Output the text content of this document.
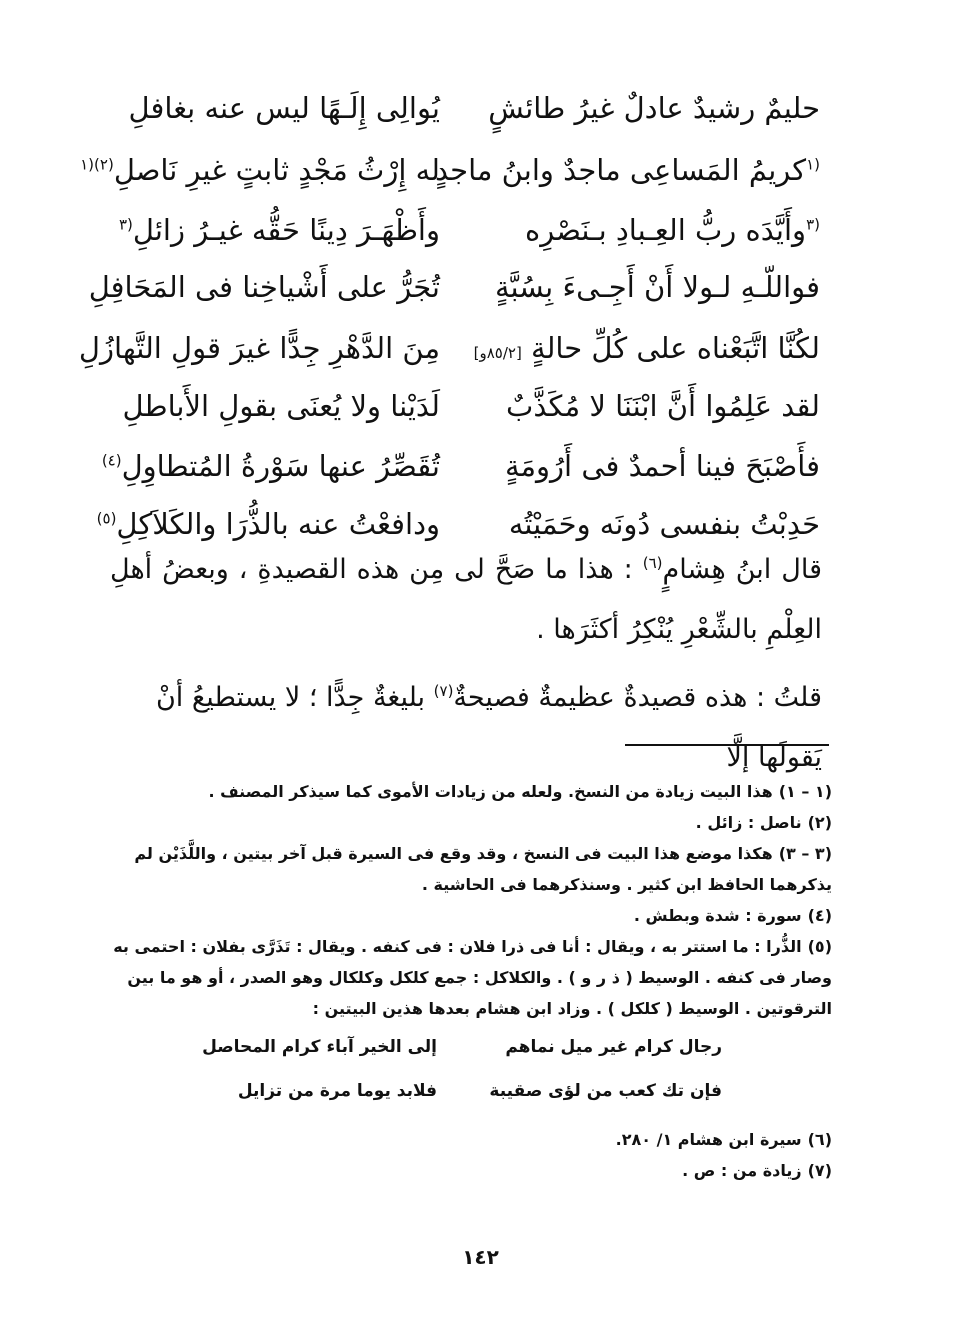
حليمٌ رشيدٌ عادلٌ غيرُ طائشٍ
يُوالِى إِلَـهًا ليس عنه بغافلِ
$^{(١}$كريمُ المَساعِى ماجدٌ وابنُ ماجدٍ
له إِرْثُ مَجْدٍ ثابتٍ غيرِ نَاصلِ$^{(٢)(١}$
$^{(٣}$وأَيَّدَه ربُّ العِـبادِ بـنَصْرِه
وأَظْهَـرَ دِينًا حَقُّه غيـرُ زائلِ$^{(٣}$
فواللّـهِ لـولا أَنْ أَجِـىءَ بِسُبَّةٍ
تُجَرُّ على أَشْياخِنا فى المَحَافِلِ
لكُنَّا اتَّبَعْناه على كُلِّ حالةٍ [٨٥/٢و]
مِنَ الدَّهْرِ جِدًّا غيرَ قولِ التَّهازُلِ
لقد عَلِمُوا أَنَّ ابْنَنَا لا مُكَذَّبٌ
لَدَيْنا ولا يُعنَى بقولِ الأَباطلِ
فأَصْبَحَ فينا أحمدٌ فى أَرُومَةٍ
تُقَصِّرُ عنها سَوْرةُ المُتطاوِلِ$^{(٤)}$
حَدِبْتُ بنفسى دُونَه وحَمَيْتُه
ودافعْتُ عنه بالذُّرَا والكَلاَكِلِ$^{(٥)}$

قال ابنُ هِشامٍ$^{(٦)}$ : هذا ما صَحَّ لى مِن هذه القصيدةِ ، وبعضُ أهلِ العِلْمِ بالشِّعْرِ يُنْكِرُ أكثَرَها .

قلتُ : هذه قصيدةٌ عظيمةٌ فصيحةٌ$^{(٧)}$ بليغةٌ جِدًّا ؛ لا يستطيعُ أنْ يَقولَها إلَّا

(١ – ١)هذا البيت زيادة من النسخ. ولعله من زيادات الأموى كما سيذكر المصنف .

(٢)ناصل : زائل .

(٣ – ٣)هكذا موضع هذا البيت فى النسخ ، وقد وقع فى السيرة قبل آخر بيتين ، واللَّذَيْن لم يذكرهما الحافظ ابن كثير . وسنذكرهما فى الحاشية .

(٤)سورة : شدة وبطش .

(٥)الذُّرا : ما استتر به ، ويقال : أنا فى ذرا فلان : فى كنفه . ويقال : تَذَرَّى بفلان : احتمى به وصار فى كنفه . الوسيط ( ذ ر و ) . والكلاكل : جمع كلكل وكلكال وهو الصدر ، أو هو ما بين الترقوتين . الوسيط ( كلكل ) . وزاد ابن هشام بعدها هذين البيتين :

رجال كرام غير ميل نماهم
إلى الخير آباء كرام المحاصل
فإن تك كعب من لؤى صقيبة
فلابد يوما مرة من تزايل

(٦)سيرة ابن هشام ١/ ٢٨٠.

(٧)زيادة من : ص .

١٤٢
